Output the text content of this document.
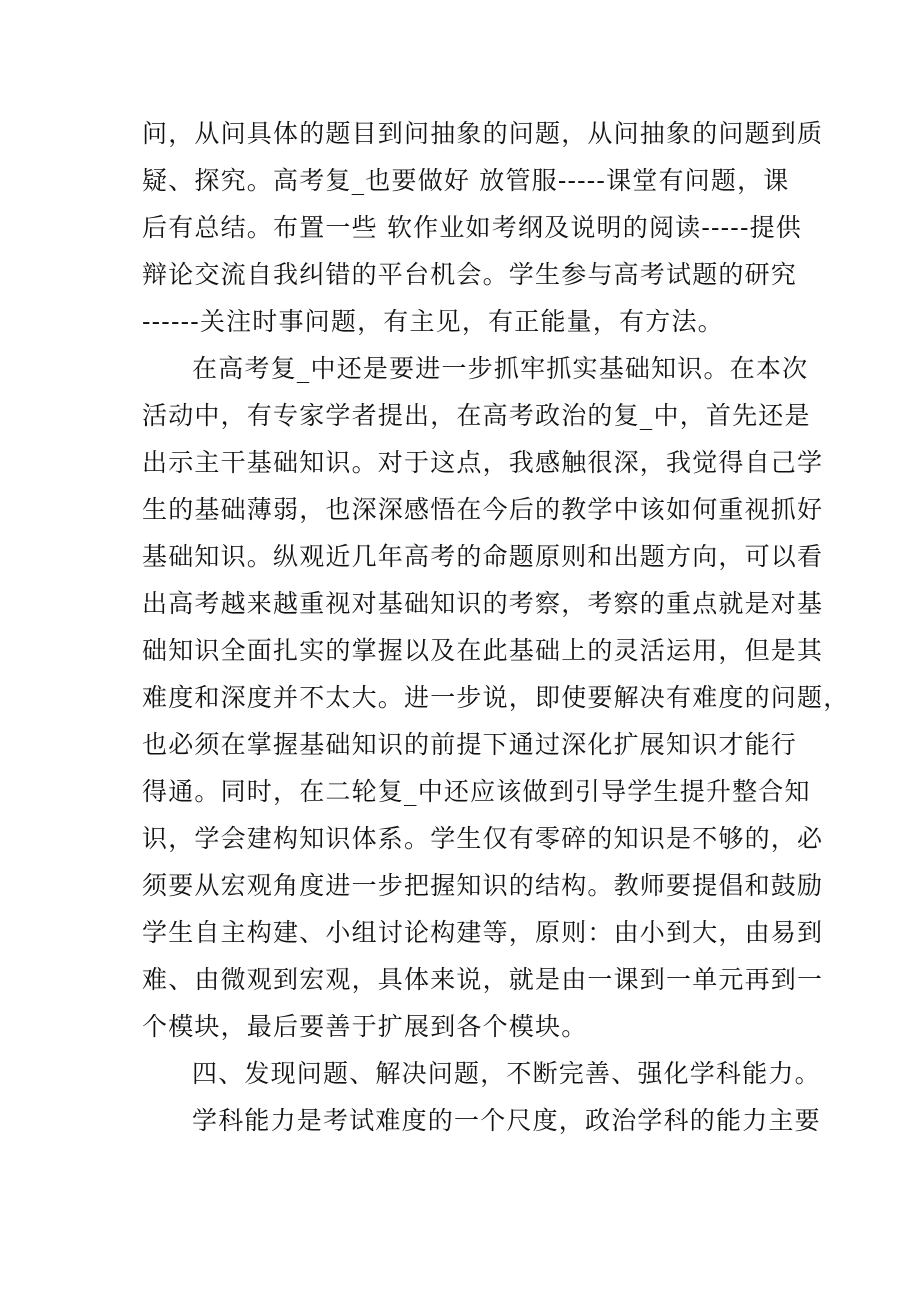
问，从问具体的题目到问抽象的问题，从问抽象的问题到质
疑、探究。高考复_也要做好 放管服-----课堂有问题，课
后有总结。布置一些 软作业如考纲及说明的阅读-----提供
辩论交流自我纠错的平台机会。学生参与高考试题的研究
------关注时事问题，有主见，有正能量，有方法。
在高考复_中还是要进一步抓牢抓实基础知识。在本次
活动中，有专家学者提出，在高考政治的复_中，首先还是
出示主干基础知识。对于这点，我感触很深，我觉得自己学
生的基础薄弱，也深深感悟在今后的教学中该如何重视抓好
基础知识。纵观近几年高考的命题原则和出题方向，可以看
出高考越来越重视对基础知识的考察，考察的重点就是对基
础知识全面扎实的掌握以及在此基础上的灵活运用，但是其
难度和深度并不太大。进一步说，即使要解决有难度的问题，
也必须在掌握基础知识的前提下通过深化扩展知识才能行
得通。同时，在二轮复_中还应该做到引导学生提升整合知
识，学会建构知识体系。学生仅有零碎的知识是不够的，必
须要从宏观角度进一步把握知识的结构。教师要提倡和鼓励
学生自主构建、小组讨论构建等，原则：由小到大，由易到
难、由微观到宏观，具体来说，就是由一课到一单元再到一
个模块，最后要善于扩展到各个模块。
四、发现问题、解决问题，不断完善、强化学科能力。
学科能力是考试难度的一个尺度，政治学科的能力主要
